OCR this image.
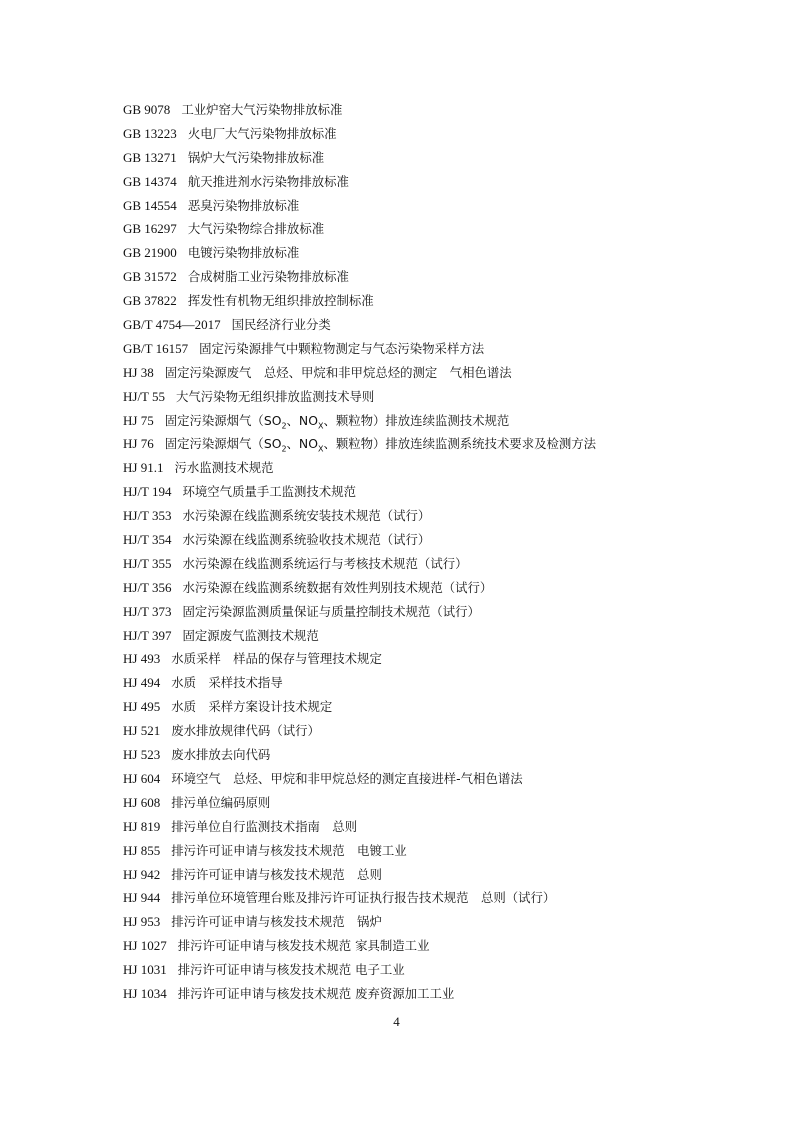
GB 9078 工业炉窑大气污染物排放标准
GB 13223 火电厂大气污染物排放标准
GB 13271 锅炉大气污染物排放标准
GB 14374 航天推进剂水污染物排放标准
GB 14554 恶臭污染物排放标准
GB 16297 大气污染物综合排放标准
GB 21900 电镀污染物排放标准
GB 31572 合成树脂工业污染物排放标准
GB 37822 挥发性有机物无组织排放控制标准
GB/T 4754—2017 国民经济行业分类
GB/T 16157 固定污染源排气中颗粒物测定与气态污染物采样方法
HJ 38 固定污染源废气　总烃、甲烷和非甲烷总烃的测定　气相色谱法
HJ/T 55 大气污染物无组织排放监测技术导则
HJ 75 固定污染源烟气（$SO_2$、$NO_X$、颗粒物）排放连续监测技术规范
HJ 76 固定污染源烟气（$SO_2$、$NO_X$、颗粒物）排放连续监测系统技术要求及检测方法
HJ 91.1 污水监测技术规范
HJ/T 194 环境空气质量手工监测技术规范
HJ/T 353 水污染源在线监测系统安装技术规范（试行）
HJ/T 354 水污染源在线监测系统验收技术规范（试行）
HJ/T 355 水污染源在线监测系统运行与考核技术规范（试行）
HJ/T 356 水污染源在线监测系统数据有效性判别技术规范（试行）
HJ/T 373 固定污染源监测质量保证与质量控制技术规范（试行）
HJ/T 397 固定源废气监测技术规范
HJ 493 水质采样　样品的保存与管理技术规定
HJ 494 水质　采样技术指导
HJ 495 水质　采样方案设计技术规定
HJ 521 废水排放规律代码（试行）
HJ 523 废水排放去向代码
HJ 604 环境空气　总烃、甲烷和非甲烷总烃的测定直接进样-气相色谱法
HJ 608 排污单位编码原则
HJ 819 排污单位自行监测技术指南　总则
HJ 855 排污许可证申请与核发技术规范　电镀工业
HJ 942 排污许可证申请与核发技术规范　总则
HJ 944 排污单位环境管理台账及排污许可证执行报告技术规范　总则（试行）
HJ 953 排污许可证申请与核发技术规范　锅炉
HJ 1027 排污许可证申请与核发技术规范 家具制造工业
HJ 1031 排污许可证申请与核发技术规范 电子工业
HJ 1034 排污许可证申请与核发技术规范 废弃资源加工工业
4
